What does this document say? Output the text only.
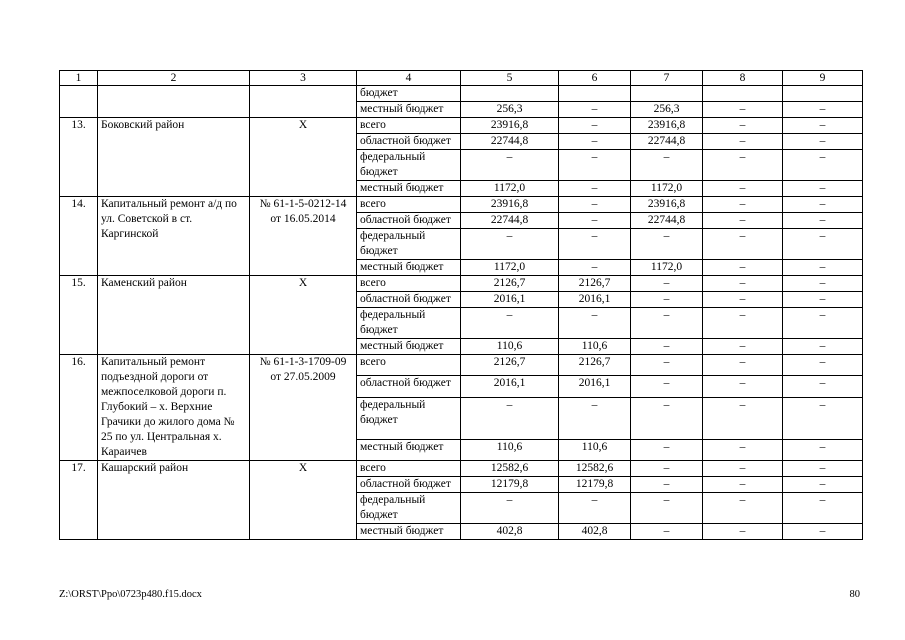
1	2	3	4	5	6	7	8	9
			бюджет					
			местный бюджет	256,3	–	256,3	–	–
13.	Боковский район	Х	всего	23916,8	–	23916,8	–	–
			областной бюджет	22744,8	–	22744,8	–	–
			федеральный бюджет	–	–	–	–	–
			местный бюджет	1172,0	–	1172,0	–	–
14.	Капитальный ремонт а/д по ул. Советской в ст. Каргинской	№ 61-1-5-0212-14 от 16.05.2014	всего	23916,8	–	23916,8	–	–
			областной бюджет	22744,8	–	22744,8	–	–
			федеральный бюджет	–	–	–	–	–
			местный бюджет	1172,0	–	1172,0	–	–
15.	Каменский район	Х	всего	2126,7	2126,7	–	–	–
			областной бюджет	2016,1	2016,1	–	–	–
			федеральный бюджет	–	–	–	–	–
			местный бюджет	110,6	110,6	–	–	–
16.	Капитальный ремонт подъездной дороги от межпоселковой дороги п. Глубокий – х. Верхние Грачики до жилого дома № 25 по ул. Центральная х. Караичев	№ 61-1-3-1709-09 от 27.05.2009	всего	2126,7	2126,7	–	–	–
			областной бюджет	2016,1	2016,1	–	–	–
			федеральный бюджет	–	–	–	–	–
			местный бюджет	110,6	110,6	–	–	–
17.	Кашарский район	Х	всего	12582,6	12582,6	–	–	–
			областной бюджет	12179,8	12179,8	–	–	–
			федеральный бюджет	–	–	–	–	–
			местный бюджет	402,8	402,8	–	–	–
Z:\ORST\Ppo\0723p480.f15.docx	80
